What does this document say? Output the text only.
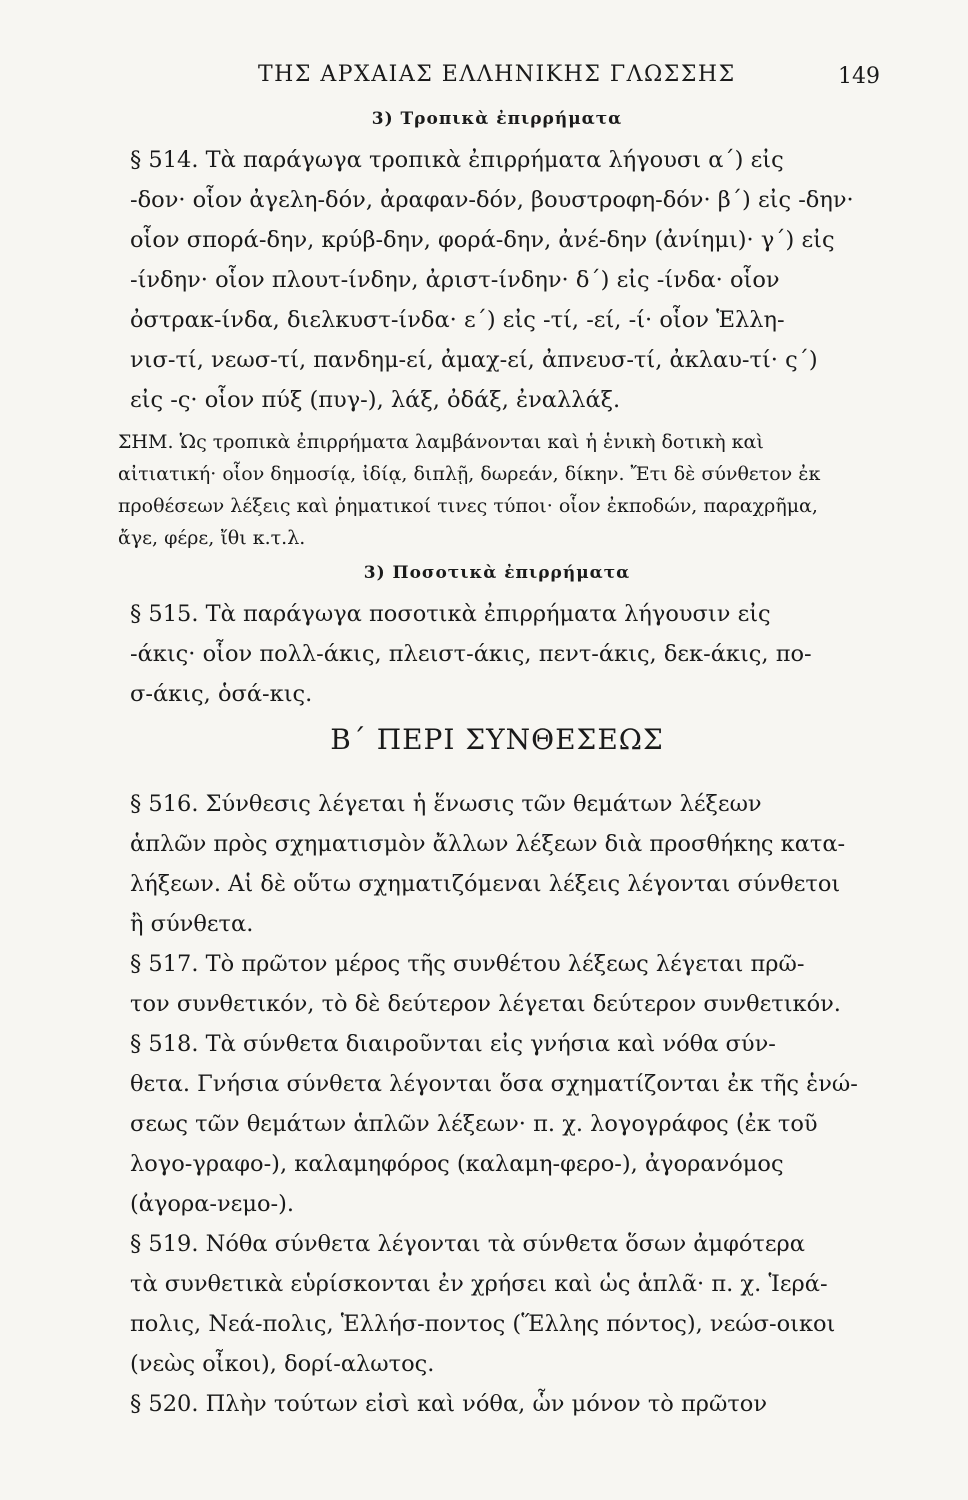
ΤΗΣ ΑΡΧΑΙΑΣ ΕΛΛΗΝΙΚΗΣ ΓΛΩΣΣΗΣ	149
3) Τροπικὰ ἐπιρρήματα
§ 514. Τὰ παράγωγα τροπικὰ ἐπιρρήματα λήγουσι α΄) εἰς
-δον· οἷον ἀγελη-δόν, ἀραφαν-δόν, βουστροφη-δόν· β΄) εἰς -δην·
οἷον σπορά-δην, κρύβ-δην, φορά-δην, ἀνέ-δην (ἀνίημι)· γ΄) εἰς
-ίνδην· οἷον πλουτ-ίνδην, ἀριστ-ίνδην· δ΄) εἰς -ίνδα· οἷον
ὀστρακ-ίνδα, διελκυστ-ίνδα· ε΄) εἰς -τί, -εί, -ί· οἷον Ἑλλη-
νισ-τί, νεωσ-τί, πανδημ-εί, ἀμαχ-εί, ἀπνευσ-τί, ἀκλαυ-τί· ς΄)
εἰς -ς· οἷον πύξ (πυγ-), λάξ, ὀδάξ, ἐναλλάξ.
ΣΗΜ. Ὡς τροπικὰ ἐπιρρήματα λαμβάνονται καὶ ἡ ἑνικὴ δοτικὴ καὶ
αἰτιατική· οἷον δημοσίᾳ, ἰδίᾳ, διπλῇ, δωρεάν, δίκην. Ἔτι δὲ σύνθετον ἐκ
προθέσεων λέξεις καὶ ῥηματικοί τινες τύποι· οἷον ἐκποδών, παραχρῆμα,
ἄγε, φέρε, ἴθι κ.τ.λ.
3) Ποσοτικὰ ἐπιρρήματα
§ 515. Τὰ παράγωγα ποσοτικὰ ἐπιρρήματα λήγουσιν εἰς
-άκις· οἷον πολλ-άκις, πλειστ-άκις, πεντ-άκις, δεκ-άκις, πο-
σ-άκις, ὁσά-κις.
Β΄ ΠΕΡΙ ΣΥΝΘΕΣΕΩΣ
§ 516. Σύνθεσις λέγεται ἡ ἕνωσις τῶν θεμάτων λέξεων
ἁπλῶν πρὸς σχηματισμὸν ἄλλων λέξεων διὰ προσθήκης κατα-
λήξεων. Αἱ δὲ οὕτω σχηματιζόμεναι λέξεις λέγονται σύνθετοι
ἢ σύνθετα.
§ 517. Τὸ πρῶτον μέρος τῆς συνθέτου λέξεως λέγεται πρῶ-
τον συνθετικόν, τὸ δὲ δεύτερον λέγεται δεύτερον συνθετικόν.
§ 518. Τὰ σύνθετα διαιροῦνται εἰς γνήσια καὶ νόθα σύν-
θετα. Γνήσια σύνθετα λέγονται ὅσα σχηματίζονται ἐκ τῆς ἑνώ-
σεως τῶν θεμάτων ἁπλῶν λέξεων· π. χ. λογογράφος (ἐκ τοῦ
λογο-γραφο-), καλαμηφόρος (καλαμη-φερο-), ἀγορανόμος
(ἀγορα-νεμο-).
§ 519. Νόθα σύνθετα λέγονται τὰ σύνθετα ὅσων ἀμφότερα
τὰ συνθετικὰ εὑρίσκονται ἐν χρήσει καὶ ὡς ἁπλᾶ· π. χ. Ἱερά-
πολις, Νεά-πολις, Ἑλλήσ-ποντος (Ἕλλης πόντος), νεώσ-οικοι
(νεὼς οἶκοι), δορί-αλωτος.
§ 520. Πλὴν τούτων εἰσὶ καὶ νόθα, ὧν μόνον τὸ πρῶτον
